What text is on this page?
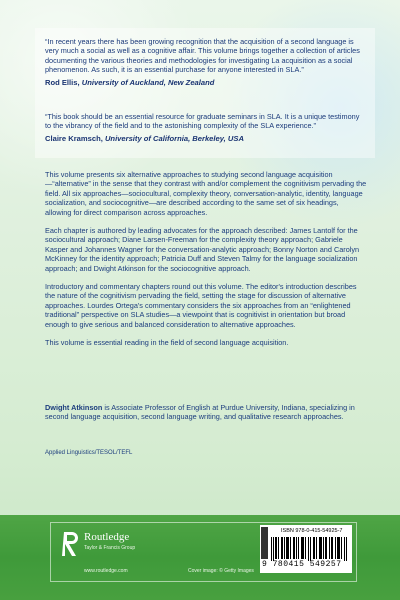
“In recent years there has been growing recognition that the acquisition of a second language is very much a social as well as a cognitive affair. This volume brings together a collection of articles documenting the various theories and methodologies for investigating La acquisition as a social phenomenon. As such, it is an essential purchase for anyone interested in SLA.”

Rod Ellis, University of Auckland, New Zealand

“This book should be an essential resource for graduate seminars in SLA. It is a unique testimony to the vibrancy of the field and to the astonishing complexity of the SLA experience.”

Claire Kramsch, University of California, Berkeley, USA

This volume presents six alternative approaches to studying second language acquisition—“alternative” in the sense that they contrast with and/or complement the cognitivism pervading the field. All six approaches—sociocultural, complexity theory, conversation-analytic, identity, language socialization, and sociocognitive—are described according to the same set of six headings, allowing for direct comparison across approaches.

Each chapter is authored by leading advocates for the approach described: James Lantolf for the sociocultural approach; Diane Larsen-Freeman for the complexity theory approach; Gabriele Kasper and Johannes Wagner for the conversation-analytic approach; Bonny Norton and Carolyn McKinney for the identity approach; Patricia Duff and Steven Talmy for the language socialization approach; and Dwight Atkinson for the sociocognitive approach.

Introductory and commentary chapters round out this volume. The editor's introduction describes the nature of the cognitivism pervading the field, setting the stage for discussion of alternative approaches. Lourdes Ortega's commentary considers the six approaches from an “enlightened traditional” perspective on SLA studies—a viewpoint that is cognitivist in orientation but broad enough to give serious and balanced consideration to alternative approaches.

This volume is essential reading in the field of second language acquisition.

Dwight Atkinson is Associate Professor of English at Purdue University, Indiana, specializing in second language acquisition, second language writing, and qualitative research approaches.
Applied Linguistics/TESOL/TEFL
Routledge
Taylor & Francis Group
www.routledge.com	Cover image: © Getty Images
ISBN 978-0-415-54925-7
9 780415 549257
